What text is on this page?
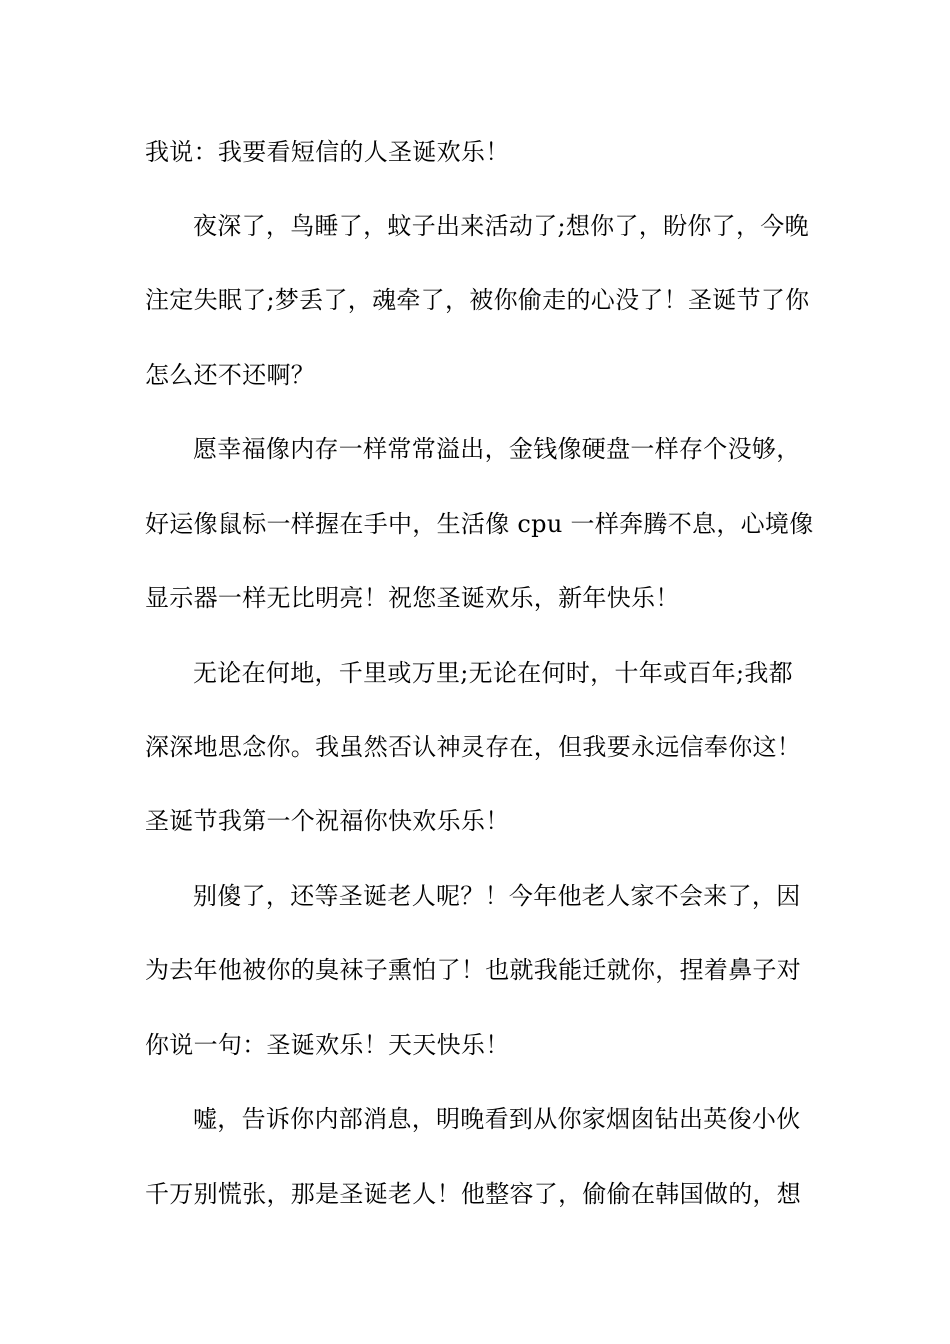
我说：我要看短信的人圣诞欢乐！
夜深了，鸟睡了，蚊子出来活动了;想你了，盼你了，今晚
注定失眠了;梦丢了，魂牵了，被你偷走的心没了！圣诞节了你
怎么还不还啊？
愿幸福像内存一样常常溢出，金钱像硬盘一样存个没够，
好运像鼠标一样握在手中，生活像 cpu 一样奔腾不息，心境像
显示器一样无比明亮！祝您圣诞欢乐，新年快乐！
无论在何地，千里或万里;无论在何时，十年或百年;我都
深深地思念你。我虽然否认神灵存在，但我要永远信奉你这！
圣诞节我第一个祝福你快欢乐乐！
别傻了，还等圣诞老人呢？！今年他老人家不会来了，因
为去年他被你的臭袜子熏怕了！也就我能迁就你，捏着鼻子对
你说一句：圣诞欢乐！天天快乐！
嘘，告诉你内部消息，明晚看到从你家烟囱钻出英俊小伙
千万别慌张，那是圣诞老人！他整容了，偷偷在韩国做的，想
